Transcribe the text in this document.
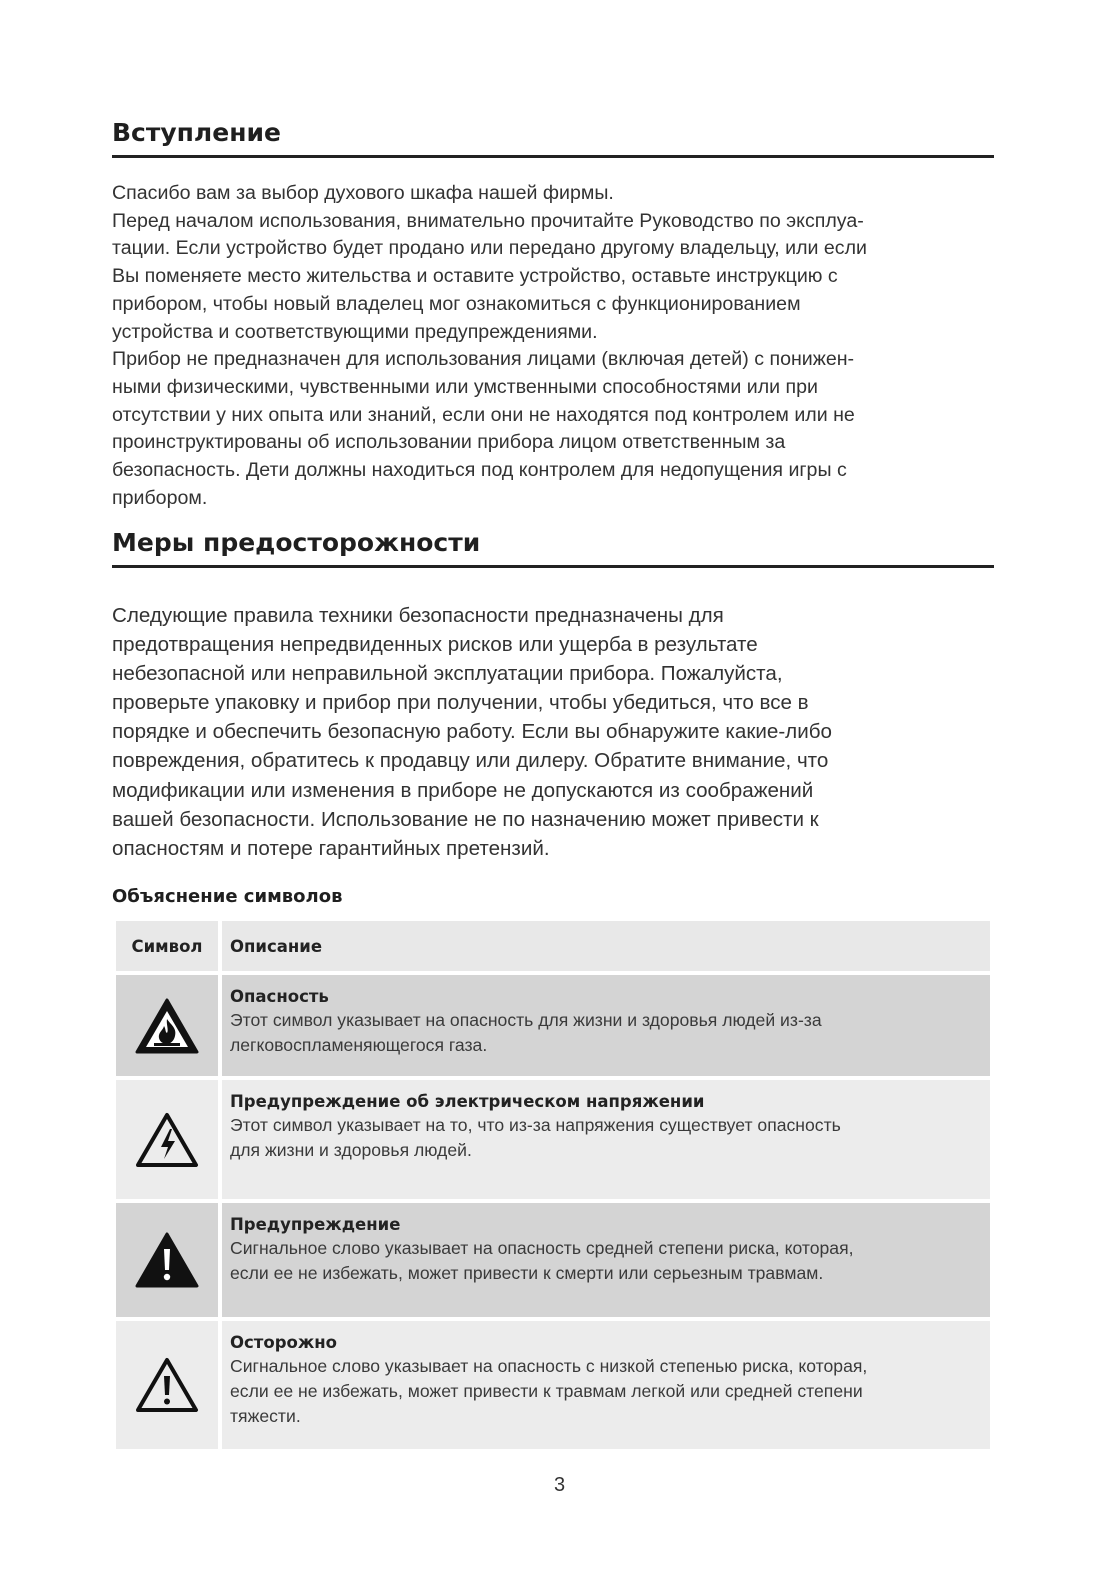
Вступление

Спасибо вам за выбор духового шкафа нашей фирмы.
Перед началом использования, внимательно прочитайте Руководство по эксплуа-
тации. Если устройство будет продано или передано другому владельцу, или если
Вы поменяете место жительства и оставите устройство, оставьте инструкцию с
прибором, чтобы новый владелец мог ознакомиться с функционированием
устройства и соответствующими предупреждениями.
Прибор не предназначен для использования лицами (включая детей) с понижен-
ными физическими, чувственными или умственными способностями или при
отсутствии у них опыта или знаний, если они не находятся под контролем или не
проинструктированы об использовании прибора лицом ответственным за
безопасность. Дети должны находиться под контролем для недопущения игры с
прибором.

Меры предосторожности

Следующие правила техники безопасности предназначены для
предотвращения непредвиденных рисков или ущерба в результате
небезопасной или неправильной эксплуатации прибора. Пожалуйста,
проверьте упаковку и прибор при получении, чтобы убедиться, что все в
порядке и обеспечить безопасную работу. Если вы обнаружите какие-либо
повреждения, обратитесь к продавцу или дилеру. Обратите внимание, что
модификации или изменения в приборе не допускаются из соображений
вашей безопасности. Использование не по назначению может привести к
опасностям и потере гарантийных претензий.

Объяснение символов
Символ	Описание

Опасность

Этот символ указывает на опасность для жизни и здоровья людей из-за
легковоспламеняющегося газа.

Предупреждение об электрическом напряжении

Этот символ указывает на то, что из-за напряжения существует опасность
для жизни и здоровья людей.

Предупреждение

Сигнальное слово указывает на опасность средней степени риска, которая,
если ее не избежать, может привести к смерти или серьезным травмам.

Осторожно

Сигнальное слово указывает на опасность с низкой степенью риска, которая,
если ее не избежать, может привести к травмам легкой или средней степени
тяжести.

3
